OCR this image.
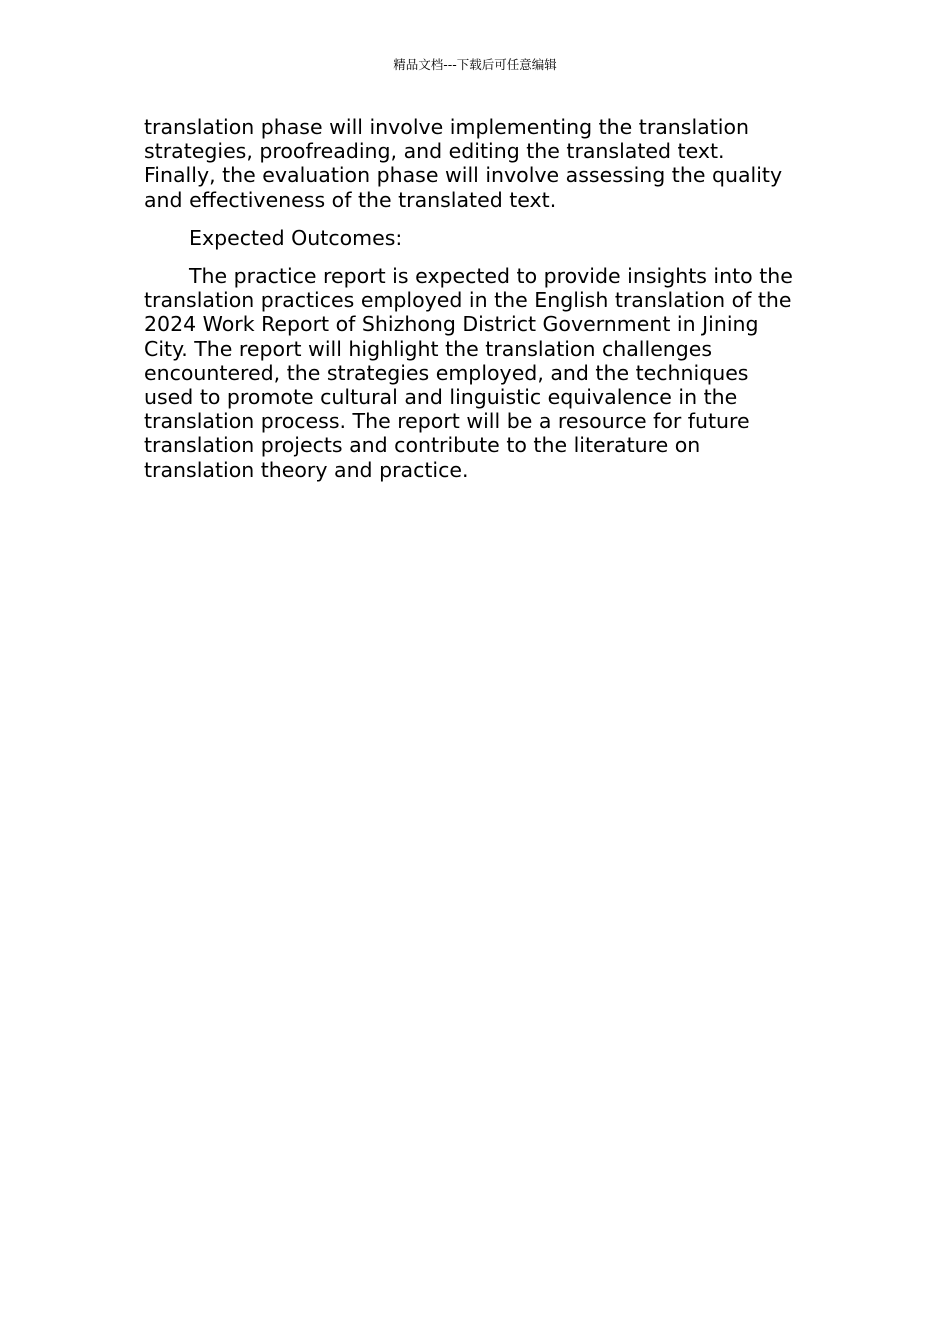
精品文档---下载后可任意编辑

translation phase will involve implementing the translation
strategies, proofreading, and editing the translated text.
Finally, the evaluation phase will involve assessing the quality
and effectiveness of the translated text.

Expected Outcomes:

The practice report is expected to provide insights into the
translation practices employed in the English translation of the
2024 Work Report of Shizhong District Government in Jining
City. The report will highlight the translation challenges
encountered, the strategies employed, and the techniques
used to promote cultural and linguistic equivalence in the
translation process. The report will be a resource for future
translation projects and contribute to the literature on
translation theory and practice.
